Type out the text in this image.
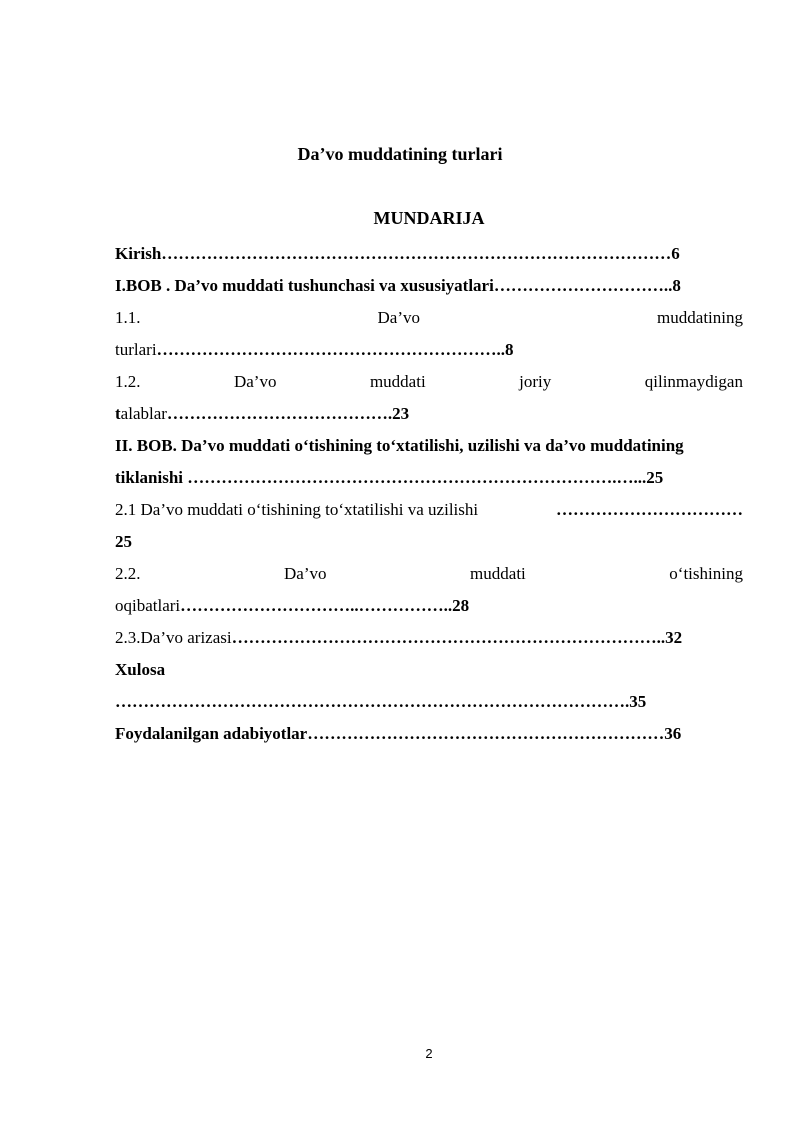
Da’vo muddatining turlari
MUNDARIJA
Kirish………………………………………………………………………………6
I.BOB . Da’vo muddati tushunchasi va xususiyatlari…………………………..8
1.1.	Da’vo	muddatining
turlari……………………………………………………..8
1.2.	Da’vo	muddati	joriy	qilinmaydigan
talablar………………………………….23
II. BOB. Da’vo muddati o‘tishining to‘xtatilishi, uzilishi va da’vo muddatining
tiklanishi ………………………………………………………………….…...25
2.1 Da’vo muddati o‘tishining to‘xtatilishi va uzilishi	……………………………
25
2.2.	Da’vo	muddati	o‘tishining
oqibatlari…………………………..……………..28
2.3.Da’vo arizasi…………………………………………………………………..32
Xulosa
……………………………………………………………………………….35
Foydalanilgan adabiyotlar………………………………………………………36
2
